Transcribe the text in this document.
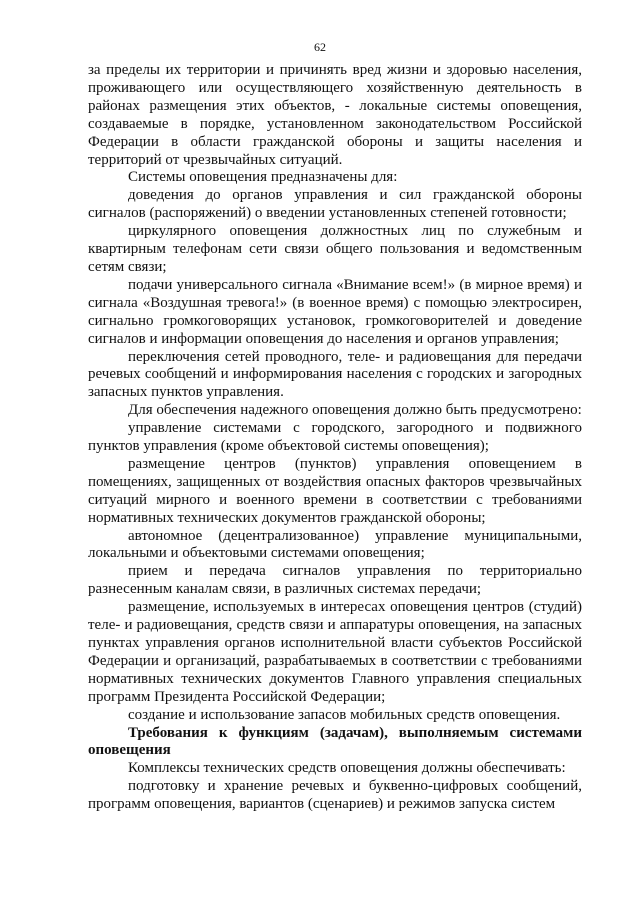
62

за пределы их территории и причинять вред жизни и здоровью населения, проживающего или осуществляющего хозяйственную деятельность в районах размещения этих объектов, - локальные системы оповещения, создаваемые в порядке, установленном законодательством Российской Федерации в области гражданской обороны и защиты населения и территорий от чрезвычайных ситуаций.

Системы оповещения предназначены для:

доведения до органов управления и сил гражданской обороны сигналов (распоряжений) о введении установленных степеней готовности;

циркулярного оповещения должностных лиц по служебным и квартирным телефонам сети связи общего пользования и ведомственным сетям связи;

подачи универсального сигнала «Внимание всем!» (в мирное время) и сигнала «Воздушная тревога!» (в военное время) с помощью электросирен, сигнально громкоговорящих установок, громкоговорителей и доведение сигналов и информации оповещения до населения и органов управления;

переключения сетей проводного, теле- и радиовещания для передачи речевых сообщений и информирования населения с городских и загородных запасных пунктов управления.

Для обеспечения надежного оповещения должно быть предусмотрено:

управление системами с городского, загородного и подвижного пунктов управления (кроме объектовой системы оповещения);

размещение центров (пунктов) управления оповещением в помещениях, защищенных от воздействия опасных факторов чрезвычайных ситуаций мирного и военного времени в соответствии с требованиями нормативных технических документов гражданской обороны;

автономное (децентрализованное) управление муниципальными, локальными и объектовыми системами оповещения;

прием и передача сигналов управления по территориально разнесенным каналам связи, в различных системах передачи;

размещение, используемых в интересах оповещения центров (студий) теле- и радиовещания, средств связи и аппаратуры оповещения, на запасных пунктах управления органов исполнительной власти субъектов Российской Федерации и организаций, разрабатываемых в соответствии с требованиями нормативных технических документов Главного управления специальных программ Президента Российской Федерации;

создание и использование запасов мобильных средств оповещения.

Требования к функциям (задачам), выполняемым системами оповещения

Комплексы технических средств оповещения должны обеспечивать:

подготовку и хранение речевых и буквенно-цифровых сообщений, программ оповещения, вариантов (сценариев) и режимов запуска систем
